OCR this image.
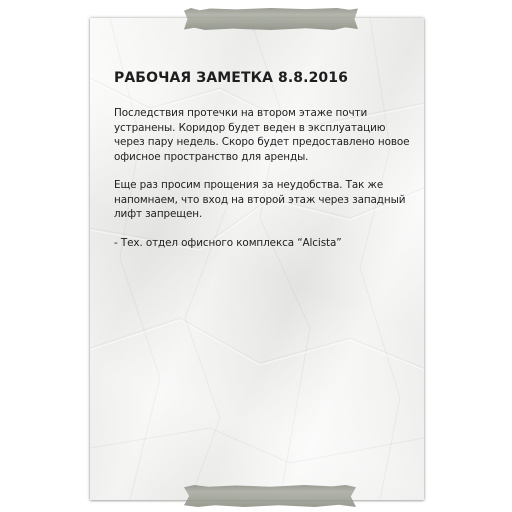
РАБОЧАЯ ЗАМЕТКА 8.8.2016
Последствия протечки на втором этаже почти
устранены. Коридор будет веден в эксплуатацию
через пару недель. Скоро будет предоставлено новое
офисное пространство для аренды.
Еще раз просим прощения за неудобства. Так же
напомнаем, что вход на второй этаж через западный
лифт запрещен.
- Тех. отдел офисного комплекса “Alcista”
